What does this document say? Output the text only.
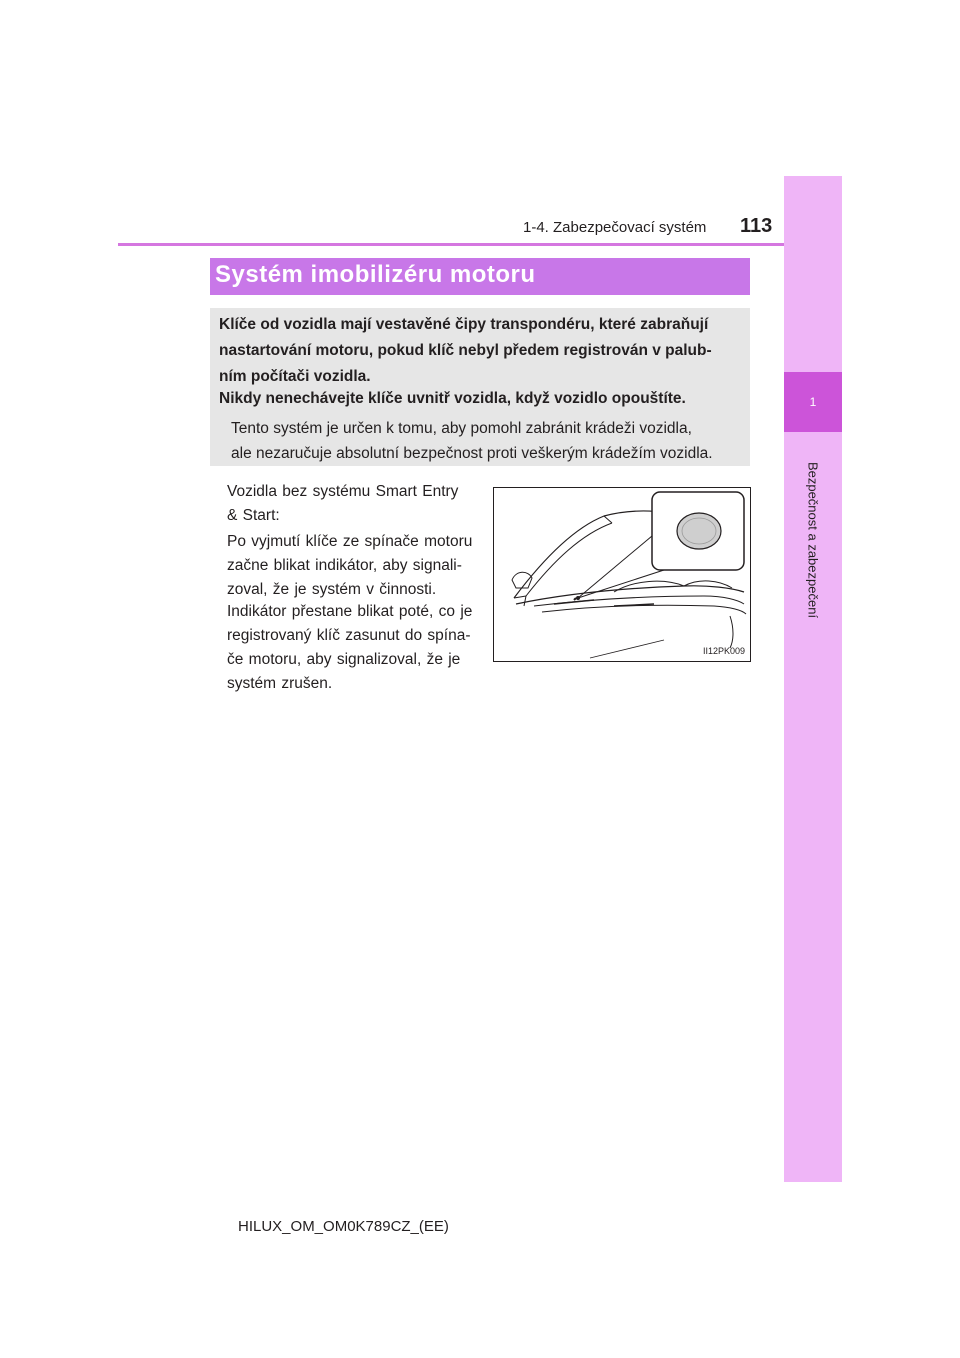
1
Bezpečnost a zabezpečení
1-4. Zabezpečovací systém 113
Systém imobilizéru motoru
Klíče od vozidla mají vestavěné čipy transpondéru, které zabraňují
nastartování motoru, pokud klíč nebyl předem registrován v palub-
ním počítači vozidla.
Nikdy nenechávejte klíče uvnitř vozidla, když vozidlo opouštíte.
Tento systém je určen k tomu, aby pomohl zabránit krádeži vozidla,
ale nezaručuje absolutní bezpečnost proti veškerým krádežím vozidla.
Vozidla bez systému Smart Entry
& Start:
Po vyjmutí klíče ze spínače motoru
začne blikat indikátor, aby signali-
zoval, že je systém v činnosti.
Indikátor přestane blikat poté, co je
registrovaný klíč zasunut do spína-
če motoru, aby signalizoval, že je
systém zrušen.
II12PK009
HILUX_OM_OM0K789CZ_(EE)
